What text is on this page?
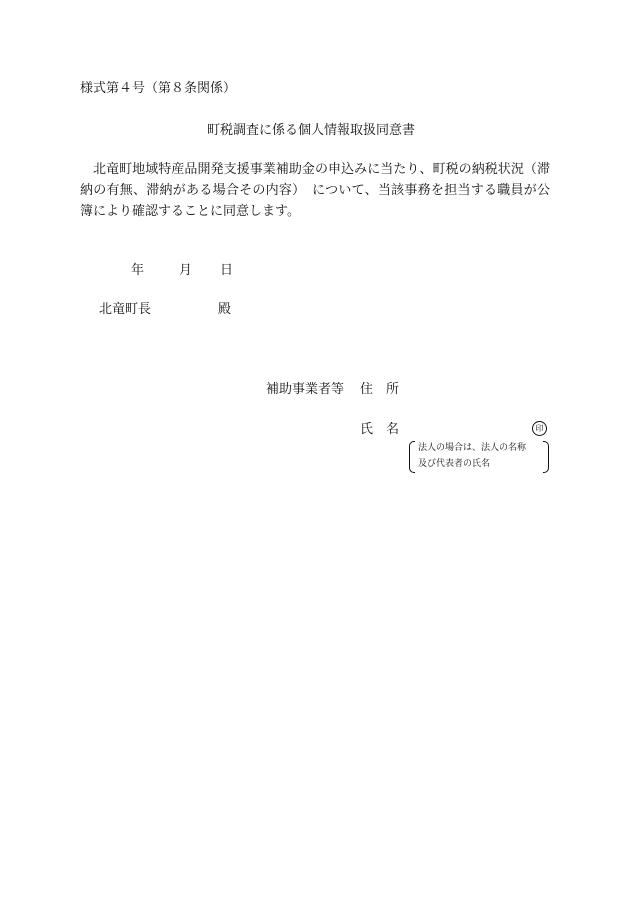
様式第４号（第８条関係）
町税調査に係る個人情報取扱同意書
北竜町地域特産品開発支援事業補助金の申込みに当たり、町税の納税状況（滞納の有無、滞納がある場合その内容）　について、当該事務を担当する職員が公簿により確認することに同意します。
年	月 日
北竜町長	殿
補助事業者等 住　所
氏　名	印
法人の場合は、法人の名称
及び代表者の氏名
